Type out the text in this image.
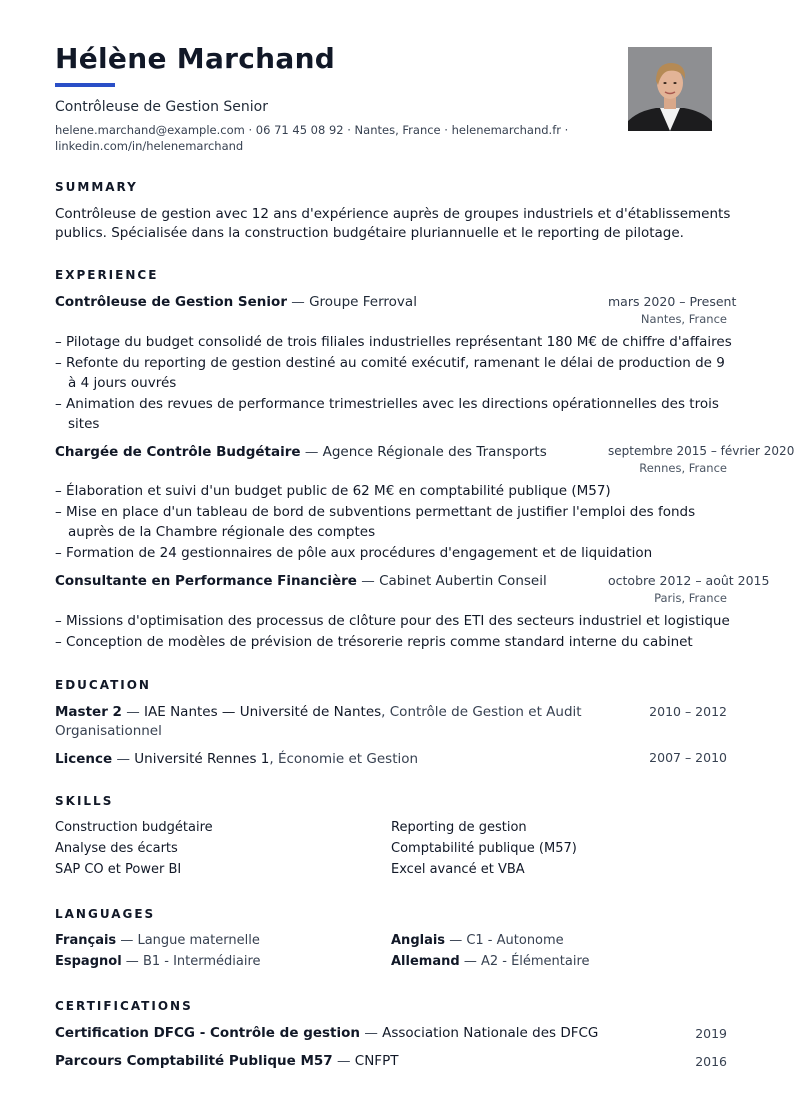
Hélène Marchand
Contrôleuse de Gestion Senior
helene.marchand@example.com · 06 71 45 08 92 · Nantes, France · helenemarchand.fr · linkedin.com/in/helenemarchand
SUMMARY
Contrôleuse de gestion avec 12 ans d'expérience auprès de groupes industriels et d'établissements publics. Spécialisée dans la construction budgétaire pluriannuelle et le reporting de pilotage.
EXPERIENCE
Contrôleuse de Gestion Senior — Groupe Ferroval	mars 2020 – Present
Nantes, France
– Pilotage du budget consolidé de trois filiales industrielles représentant 180 M€ de chiffre d'affaires
– Refonte du reporting de gestion destiné au comité exécutif, ramenant le délai de production de 9 à 4 jours ouvrés
– Animation des revues de performance trimestrielles avec les directions opérationnelles des trois sites
Chargée de Contrôle Budgétaire — Agence Régionale des Transports	septembre 2015 – février 2020
Rennes, France
– Élaboration et suivi d'un budget public de 62 M€ en comptabilité publique (M57)
– Mise en place d'un tableau de bord de subventions permettant de justifier l'emploi des fonds auprès de la Chambre régionale des comptes
– Formation de 24 gestionnaires de pôle aux procédures d'engagement et de liquidation
Consultante en Performance Financière — Cabinet Aubertin Conseil	octobre 2012 – août 2015
Paris, France
– Missions d'optimisation des processus de clôture pour des ETI des secteurs industriel et logistique
– Conception de modèles de prévision de trésorerie repris comme standard interne du cabinet
EDUCATION
Master 2 — IAE Nantes — Université de Nantes, Contrôle de Gestion et Audit Organisationnel
2010 – 2012
Licence — Université Rennes 1, Économie et Gestion	2007 – 2010
SKILLS
Construction budgétaire	Reporting de gestion
Analyse des écarts	Comptabilité publique (M57)
SAP CO et Power BI	Excel avancé et VBA
LANGUAGES
Français — Langue maternelle	Anglais — C1 - Autonome
Espagnol — B1 - Intermédiaire	Allemand — A2 - Élémentaire
CERTIFICATIONS
Certification DFCG - Contrôle de gestion — Association Nationale des DFCG	2019
Parcours Comptabilité Publique M57 — CNFPT	2016
